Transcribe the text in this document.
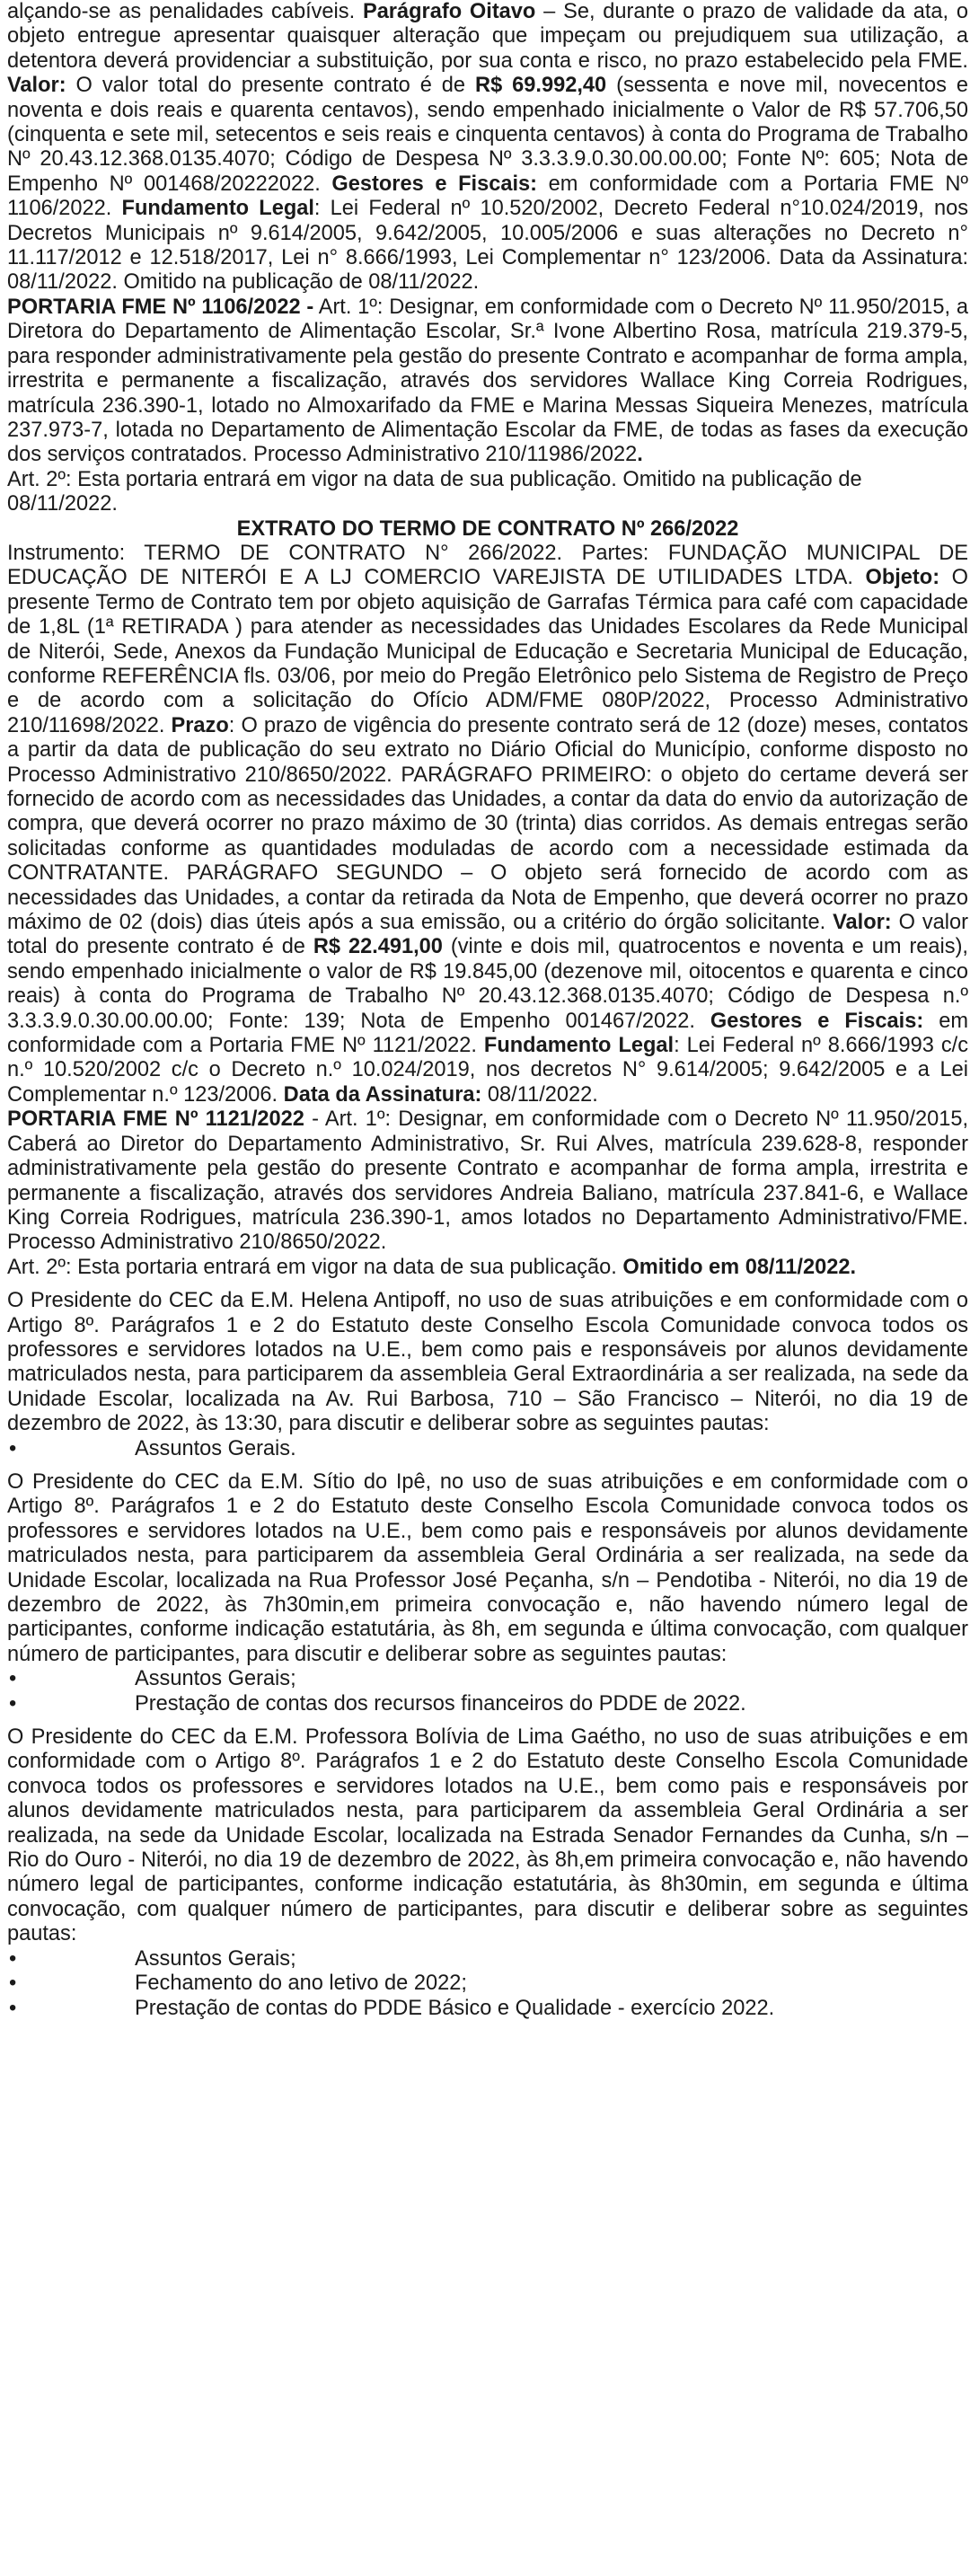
alçando-se as penalidades cabíveis. Parágrafo Oitavo – Se, durante o prazo de validade da ata, o objeto entregue apresentar quaisquer alteração que impeçam ou prejudiquem sua utilização, a detentora deverá providenciar a substituição, por sua conta e risco, no prazo estabelecido pela FME. Valor: O valor total do presente contrato é de R$ 69.992,40 (sessenta e nove mil, novecentos e noventa e dois reais e quarenta centavos), sendo empenhado inicialmente o Valor de R$ 57.706,50 (cinquenta e sete mil, setecentos e seis reais e cinquenta centavos) à conta do Programa de Trabalho Nº 20.43.12.368.0135.4070; Código de Despesa Nº 3.3.3.9.0.30.00.00.00; Fonte Nº: 605; Nota de Empenho Nº 001468/20222022. Gestores e Fiscais: em conformidade com a Portaria FME Nº 1106/2022. Fundamento Legal: Lei Federal nº 10.520/2002, Decreto Federal n°10.024/2019, nos Decretos Municipais nº 9.614/2005, 9.642/2005, 10.005/2006 e suas alterações no Decreto n° 11.117/2012 e 12.518/2017, Lei n° 8.666/1993, Lei Complementar n° 123/2006. Data da Assinatura: 08/11/2022. Omitido na publicação de 08/11/2022.

PORTARIA FME Nº 1106/2022 - Art. 1º: Designar, em conformidade com o Decreto Nº 11.950/2015, a Diretora do Departamento de Alimentação Escolar, Sr.ª Ivone Albertino Rosa, matrícula 219.379-5, para responder administrativamente pela gestão do presente Contrato e acompanhar de forma ampla, irrestrita e permanente a fiscalização, através dos servidores Wallace King Correia Rodrigues, matrícula 236.390-1, lotado no Almoxarifado da FME e Marina Messas Siqueira Menezes, matrícula 237.973-7, lotada no Departamento de Alimentação Escolar da FME, de todas as fases da execução dos serviços contratados. Processo Administrativo 210/11986/2022.

Art. 2º: Esta portaria entrará em vigor na data de sua publicação. Omitido na publicação de 08/11/2022.

EXTRATO DO TERMO DE CONTRATO Nº 266/2022

Instrumento: TERMO DE CONTRATO N° 266/2022. Partes: FUNDAÇÃO MUNICIPAL DE EDUCAÇÃO DE NITERÓI E A LJ COMERCIO VAREJISTA DE UTILIDADES LTDA. Objeto: O presente Termo de Contrato tem por objeto aquisição de Garrafas Térmica para café com capacidade de 1,8L (1ª RETIRADA ) para atender as necessidades das Unidades Escolares da Rede Municipal de Niterói, Sede, Anexos da Fundação Municipal de Educação e Secretaria Municipal de Educação, conforme REFERÊNCIA fls. 03/06, por meio do Pregão Eletrônico pelo Sistema de Registro de Preço e de acordo com a solicitação do Ofício ADM/FME 080P/2022, Processo Administrativo 210/11698/2022. Prazo: O prazo de vigência do presente contrato será de 12 (doze) meses, contatos a partir da data de publicação do seu extrato no Diário Oficial do Município, conforme disposto no Processo Administrativo 210/8650/2022. PARÁGRAFO PRIMEIRO: o objeto do certame deverá ser fornecido de acordo com as necessidades das Unidades, a contar da data do envio da autorização de compra, que deverá ocorrer no prazo máximo de 30 (trinta) dias corridos. As demais entregas serão solicitadas conforme as quantidades moduladas de acordo com a necessidade estimada da CONTRATANTE. PARÁGRAFO SEGUNDO – O objeto será fornecido de acordo com as necessidades das Unidades, a contar da retirada da Nota de Empenho, que deverá ocorrer no prazo máximo de 02 (dois) dias úteis após a sua emissão, ou a critério do órgão solicitante. Valor: O valor total do presente contrato é de R$ 22.491,00 (vinte e dois mil, quatrocentos e noventa e um reais), sendo empenhado inicialmente o valor de R$ 19.845,00 (dezenove mil, oitocentos e quarenta e cinco reais) à conta do Programa de Trabalho Nº 20.43.12.368.0135.4070; Código de Despesa n.º 3.3.3.9.0.30.00.00.00; Fonte: 139; Nota de Empenho 001467/2022. Gestores e Fiscais: em conformidade com a Portaria FME Nº 1121/2022. Fundamento Legal: Lei Federal nº 8.666/1993 c/c n.º 10.520/2002 c/c o Decreto n.º 10.024/2019, nos decretos N° 9.614/2005; 9.642/2005 e a Lei Complementar n.º 123/2006. Data da Assinatura: 08/11/2022.

PORTARIA FME Nº 1121/2022 - Art. 1º: Designar, em conformidade com o Decreto Nº 11.950/2015, Caberá ao Diretor do Departamento Administrativo, Sr. Rui Alves, matrícula 239.628-8, responder administrativamente pela gestão do presente Contrato e acompanhar de forma ampla, irrestrita e permanente a fiscalização, através dos servidores Andreia Baliano, matrícula 237.841-6, e Wallace King Correia Rodrigues, matrícula 236.390-1, amos lotados no Departamento Administrativo/FME. Processo Administrativo 210/8650/2022.

Art. 2º: Esta portaria entrará em vigor na data de sua publicação. Omitido em 08/11/2022.

O Presidente do CEC da E.M. Helena Antipoff, no uso de suas atribuições e em conformidade com o Artigo 8º. Parágrafos 1 e 2 do Estatuto deste Conselho Escola Comunidade convoca todos os professores e servidores lotados na U.E., bem como pais e responsáveis por alunos devidamente matriculados nesta, para participarem da assembleia Geral Extraordinária a ser realizada, na sede da Unidade Escolar, localizada na Av. Rui Barbosa, 710 – São Francisco – Niterói, no dia 19 de dezembro de 2022, às 13:30, para discutir e deliberar sobre as seguintes pautas:

•	Assuntos Gerais.

O Presidente do CEC da E.M. Sítio do Ipê, no uso de suas atribuições e em conformidade com o Artigo 8º. Parágrafos 1 e 2 do Estatuto deste Conselho Escola Comunidade convoca todos os professores e servidores lotados na U.E., bem como pais e responsáveis por alunos devidamente matriculados nesta, para participarem da assembleia Geral Ordinária a ser realizada, na sede da Unidade Escolar, localizada na Rua Professor José Peçanha, s/n – Pendotiba - Niterói, no dia 19 de dezembro de 2022, às 7h30min,em primeira convocação e, não havendo número legal de participantes, conforme indicação estatutária, às 8h, em segunda e última convocação, com qualquer número de participantes, para discutir e deliberar sobre as seguintes pautas:

•	Assuntos Gerais;
•	Prestação de contas dos recursos financeiros do PDDE de 2022.

O Presidente do CEC da E.M. Professora Bolívia de Lima Gaétho, no uso de suas atribuições e em conformidade com o Artigo 8º. Parágrafos 1 e 2 do Estatuto deste Conselho Escola Comunidade convoca todos os professores e servidores lotados na U.E., bem como pais e responsáveis por alunos devidamente matriculados nesta, para participarem da assembleia Geral Ordinária a ser realizada, na sede da Unidade Escolar, localizada na Estrada Senador Fernandes da Cunha, s/n – Rio do Ouro - Niterói, no dia 19 de dezembro de 2022, às 8h,em primeira convocação e, não havendo número legal de participantes, conforme indicação estatutária, às 8h30min, em segunda e última convocação, com qualquer número de participantes, para discutir e deliberar sobre as seguintes pautas:

•	Assuntos Gerais;
•	Fechamento do ano letivo de 2022;
•	Prestação de contas do PDDE Básico e Qualidade - exercício 2022.
